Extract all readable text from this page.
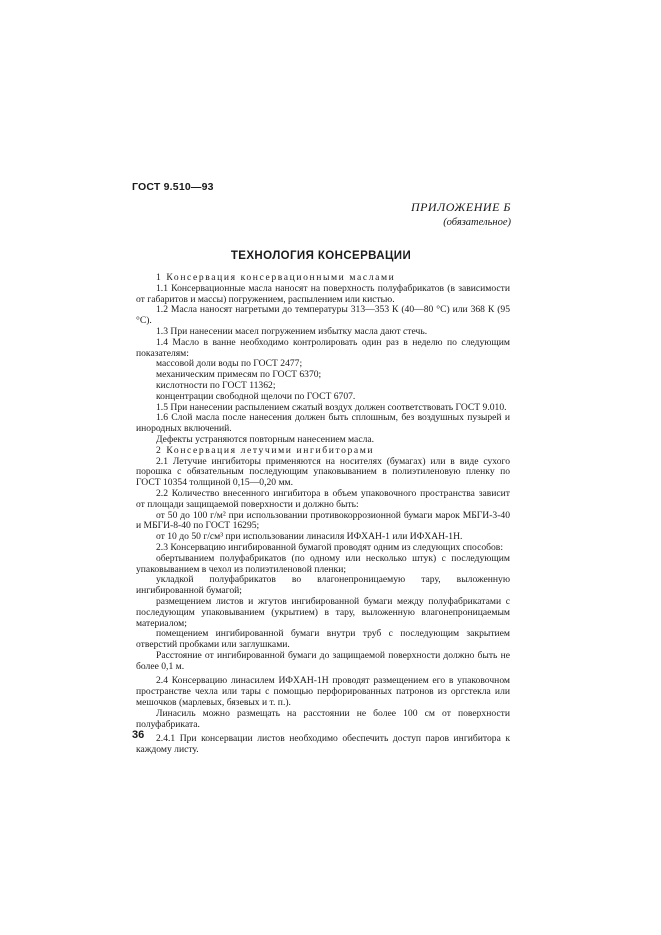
ГОСТ 9.510—93
ПРИЛОЖЕНИЕ Б
(обязательное)
ТЕХНОЛОГИЯ КОНСЕРВАЦИИ

1 Консервация консервационными маслами

1.1 Консервационные масла наносят на поверхность полуфабрикатов (в зависимости от габаритов и массы) погружением, распылением или кистью.

1.2 Масла наносят нагретыми до температуры 313—353 К (40—80 °С) или 368 К (95 °С).

1.3 При нанесении масел погружением избытку масла дают стечь.

1.4 Масло в ванне необходимо контролировать один раз в неделю по следующим показателям:

массовой доли воды по ГОСТ 2477;

механическим примесям по ГОСТ 6370;

кислотности по ГОСТ 11362;

концентрации свободной щелочи по ГОСТ 6707.

1.5 При нанесении распылением сжатый воздух должен соответствовать ГОСТ 9.010.

1.6 Слой масла после нанесения должен быть сплошным, без воздушных пузырей и инородных включений.

Дефекты устраняются повторным нанесением масла.

2 Консервация летучими ингибиторами

2.1 Летучие ингибиторы применяются на носителях (бумагах) или в виде сухого порошка с обязательным последующим упаковыванием в полиэтиленовую пленку по ГОСТ 10354 толщиной 0,15—0,20 мм.

2.2 Количество внесенного ингибитора в объем упаковочного пространства зависит от площади защищаемой поверхности и должно быть:

от 50 до 100 г/м² при использовании противокоррозионной бумаги марок МБГИ-3-40 и МБГИ-8-40 по ГОСТ 16295;

от 10 до 50 г/см³ при использовании линасиля ИФХАН-1 или ИФХАН-1Н.

2.3 Консервацию ингибированной бумагой проводят одним из следующих способов:

обертыванием полуфабрикатов (по одному или несколько штук) с последующим упаковыванием в чехол из полиэтиленовой пленки;

укладкой полуфабрикатов во влагонепроницаемую тару, выложенную ингибированной бумагой;

размещением листов и жгутов ингибированной бумаги между полуфабрикатами с последующим упаковыванием (укрытием) в тару, выложенную влагонепроницаемым материалом;

помещением ингибированной бумаги внутри труб с последующим закрытием отверстий пробками или заглушками.

Расстояние от ингибированной бумаги до защищаемой поверхности должно быть не более 0,1 м.

2.4 Консервацию линасилем ИФХАН-1Н проводят размещением его в упаковочном пространстве чехла или тары с помощью перфорированных патронов из оргстекла или мешочков (марлевых, бязевых и т. п.).

Линасиль можно размещать на расстоянии не более 100 см от поверхности полуфабриката.

2.4.1 При консервации листов необходимо обеспечить доступ паров ингибитора к каждому листу.

36
